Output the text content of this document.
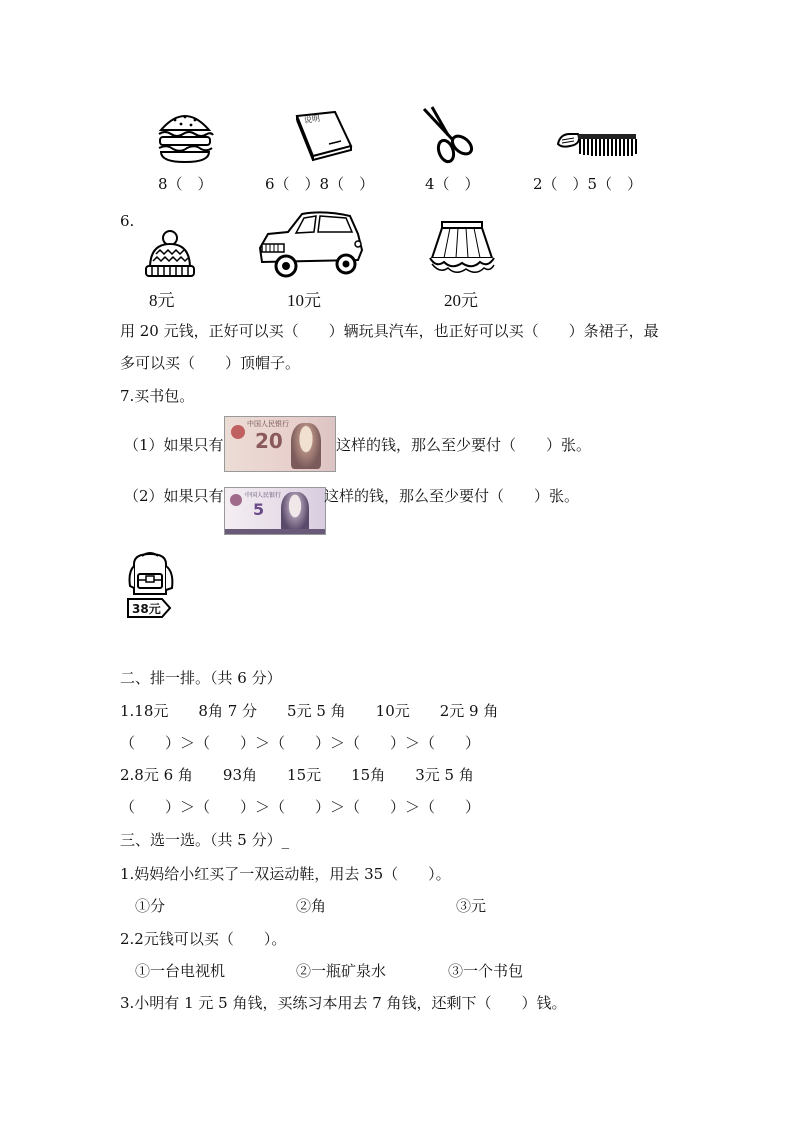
说明
8（　）	6（　）8（　）	4（　）	2（　）5（　）
6.
8元	10元	20元
用 20 元钱，正好可以买（　　）辆玩具汽车，也正好可以买（　　）条裙子，最
多可以买（　　）顶帽子。
7.买书包。
（1）如果只有
中国人民银行
20	这样的钱，那么至少要付（　　）张。
（2）如果只有	中国人民银行
5
这样的钱，那么至少要付（　　）张。
38元
二、排一排。（共 6 分）
1.18元　　8角 7 分　　5元 5 角　　10元　　2元 9 角
（　　）＞（　　）＞（　　）＞（　　）＞（　　）
2.8元 6 角　　93角　　15元　　15角　　3元 5 角
（　　）＞（　　）＞（　　）＞（　　）＞（　　）
三、选一选。（共 5 分）_
1.妈妈给小红买了一双运动鞋，用去 35（　　）。
①分	②角	③元
2.2元钱可以买（　　）。
①一台电视机	②一瓶矿泉水	③一个书包
3.小明有 1 元 5 角钱，买练习本用去 7 角钱，还剩下（　　）钱。
